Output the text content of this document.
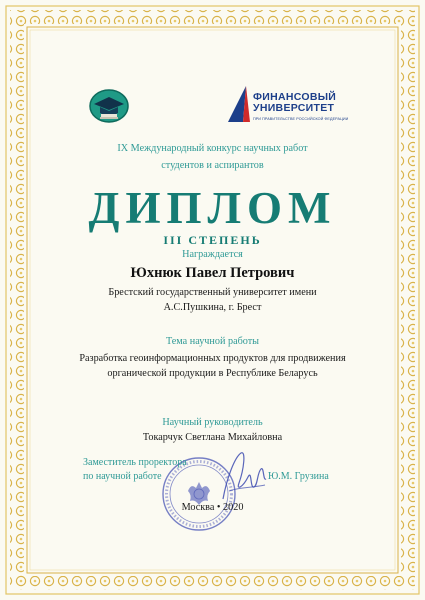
ФИНАНСОВЫЙ
УНИВЕРСИТЕТ
ПРИ ПРАВИТЕЛЬСТВЕ РОССИЙСКОЙ ФЕДЕРАЦИИ
IX Международный конкурс научных работ
студентов и аспирантов
ДИПЛОМ
III СТЕПЕНЬ
Награждается
Юхнюк Павел Петрович
Брестский государственный университет имени
А.С.Пушкина, г. Брест
Тема научной работы
Разработка геоинформационных продуктов для продвижения
органической продукции в Республике Беларусь
Научный руководитель
Токарчук Светлана Михайловна
Заместитель проректора
по научной работе	Ю.М. Грузина
Москва • 2020
